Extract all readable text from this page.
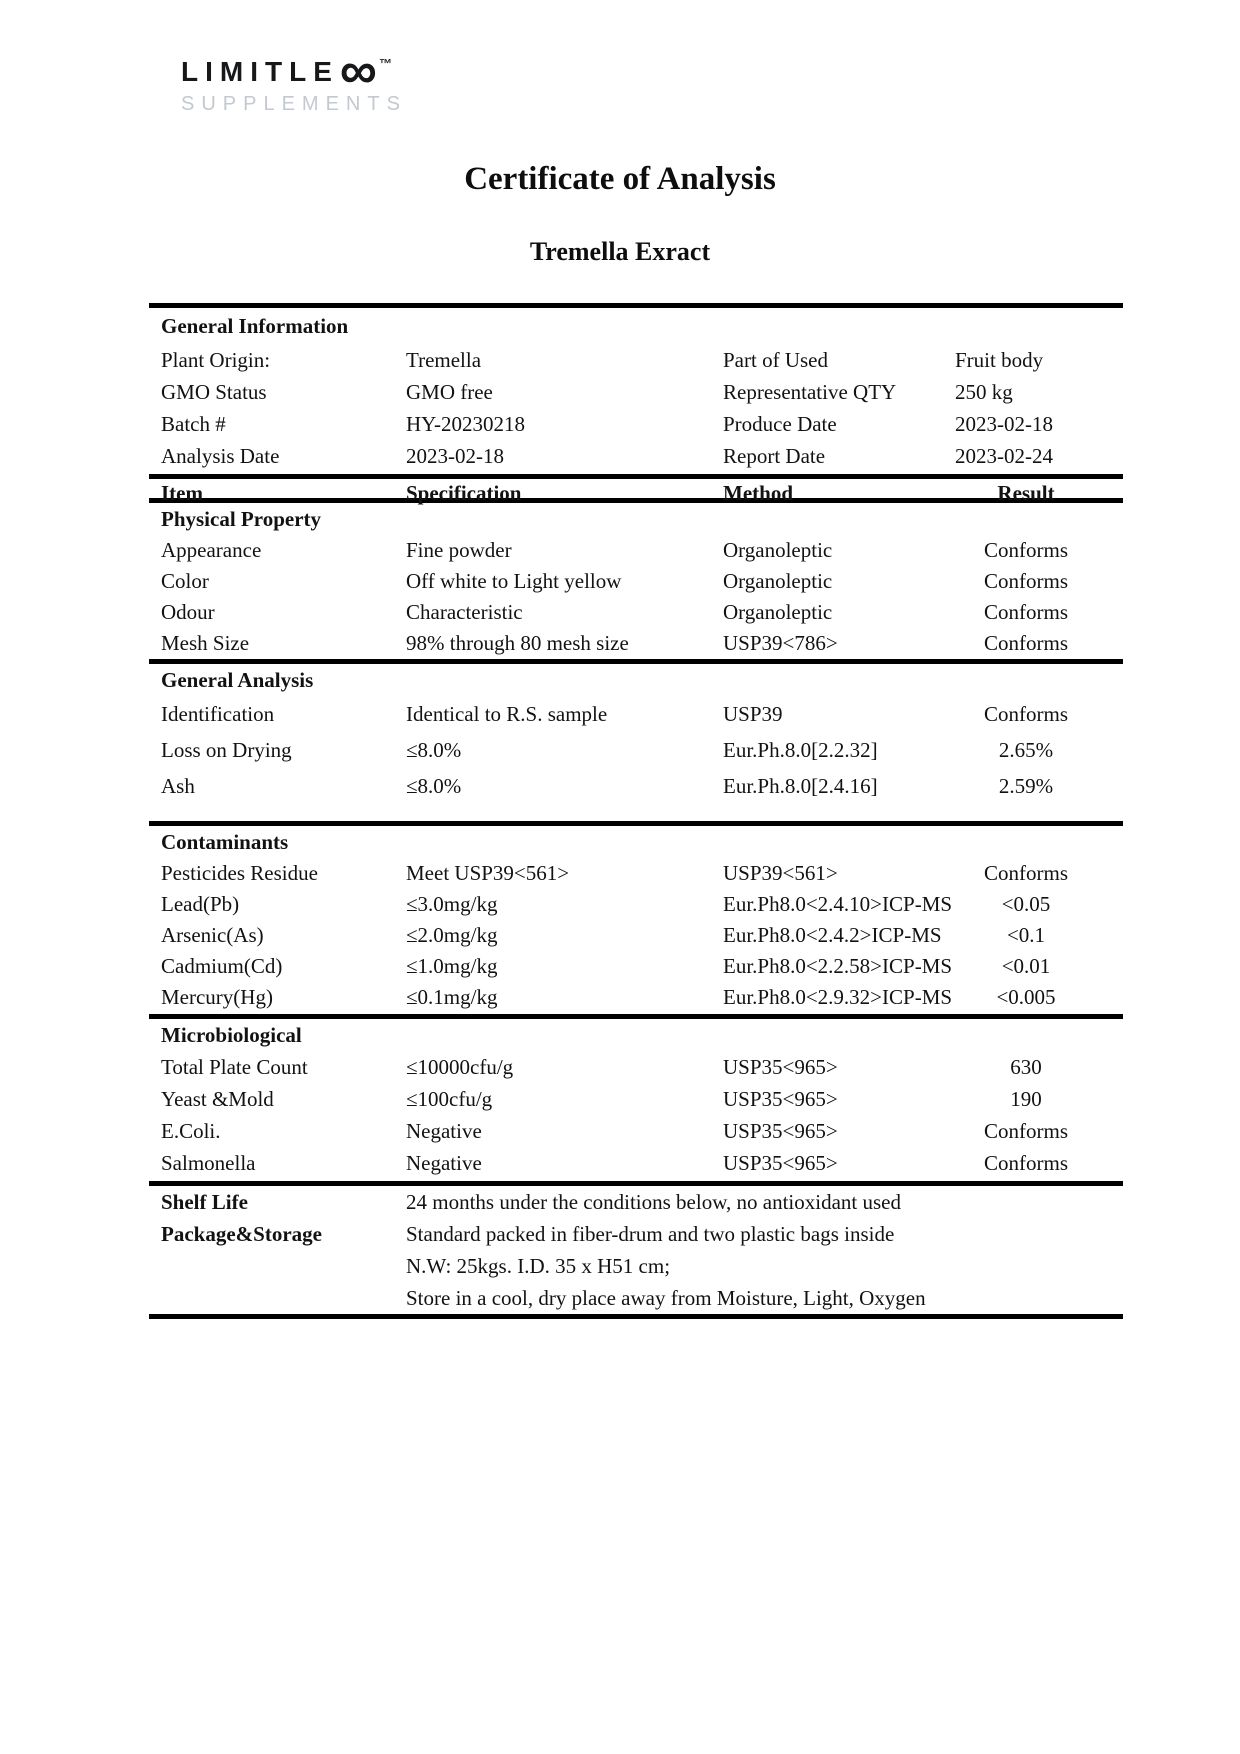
LIMITLE∞ ™
SUPPLEMENTS
Certificate of Analysis
Tremella Exract
General Information
Plant Origin:	Tremella	Part of Used	Fruit body
GMO Status	GMO free	Representative QTY	250 kg
Batch #	HY-20230218	Produce Date	2023-02-18
Analysis Date	2023-02-18	Report Date	2023-02-24
Item	Specification	Method	Result
Physical Property
Appearance	Fine powder	Organoleptic	Conforms
Color	Off white to Light yellow	Organoleptic	Conforms
Odour	Characteristic	Organoleptic	Conforms
Mesh Size	98% through 80 mesh size	USP39<786>	Conforms
General Analysis
Identification	Identical to R.S. sample	USP39	Conforms
Loss on Drying	≤8.0%	Eur.Ph.8.0[2.2.32]	2.65%
Ash	≤8.0%	Eur.Ph.8.0[2.4.16]	2.59%
Contaminants
Pesticides Residue	Meet USP39<561>	USP39<561>	Conforms
Lead(Pb)	≤3.0mg/kg	Eur.Ph8.0<2.4.10>ICP-MS	<0.05
Arsenic(As)	≤2.0mg/kg	Eur.Ph8.0<2.4.2>ICP-MS	<0.1
Cadmium(Cd)	≤1.0mg/kg	Eur.Ph8.0<2.2.58>ICP-MS	<0.01
Mercury(Hg)	≤0.1mg/kg	Eur.Ph8.0<2.9.32>ICP-MS	<0.005
Microbiological
Total Plate Count	≤10000cfu/g	USP35<965>	630
Yeast &Mold	≤100cfu/g	USP35<965>	190
E.Coli.	Negative	USP35<965>	Conforms
Salmonella	Negative	USP35<965>	Conforms
Shelf Life	24 months under the conditions below, no antioxidant used
Package&Storage	Standard packed in fiber-drum and two plastic bags inside
N.W: 25kgs. I.D. 35 x H51 cm;
Store in a cool, dry place away from Moisture, Light, Oxygen
